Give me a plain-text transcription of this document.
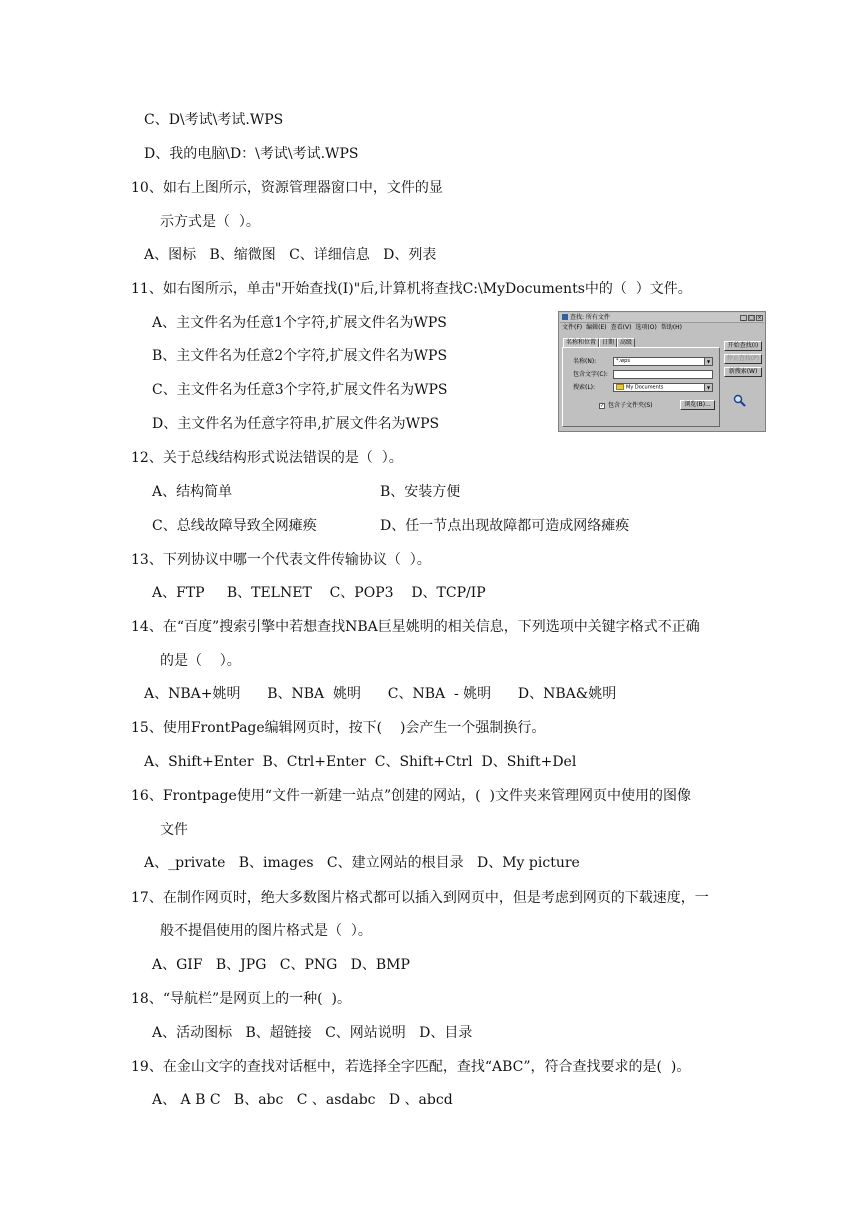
C、D\考试\考试.WPS
D、我的电脑\D：\考试\考试.WPS
10、如右上图所示，资源管理器窗口中，文件的显
示方式是（  ）。
A、图标   B、缩微图   C、详细信息   D、列表
11、如右图所示，单击"开始查找(I)"后,计算机将查找C:\MyDocuments中的（  ）文件。
A、主文件名为任意1个字符,扩展文件名为WPS
B、主文件名为任意2个字符,扩展文件名为WPS
C、主文件名为任意3个字符,扩展文件名为WPS
D、主文件名为任意字符串,扩展文件名为WPS
12、关于总线结构形式说法错误的是（  ）。
A、结构简单	B、安装方便
C、总线故障导致全网瘫痪	D、任一节点出现故障都可造成网络瘫痪
13、下列协议中哪一个代表文件传输协议（  ）。
A、FTP     B、TELNET    C、POP3    D、TCP/IP
14、在“百度”搜索引擎中若想查找NBA巨星姚明的相关信息，下列选项中关键字格式不正确
的是（    ）。
A、NBA+姚明      B、NBA  姚明      C、NBA  - 姚明      D、NBA&姚明
15、使用FrontPage编辑网页时，按下(    )会产生一个强制换行。
A、Shift+Enter  B、Ctrl+Enter  C、Shift+Ctrl  D、Shift+Del
16、Frontpage使用“文件一新建一站点”创建的网站，(  )文件夹来管理网页中使用的图像
文件
A、_private   B、images   C、建立网站的根目录   D、My picture
17、在制作网页时，绝大多数图片格式都可以插入到网页中，但是考虑到网页的下载速度，一
般不提倡使用的图片格式是（  ）。
A、GIF   B、JPG   C、PNG   D、BMP
18、“导航栏”是网页上的一种(  )。
A、活动图标   B、超链接   C、网站说明   D、目录
19、在金山文字的查找对话框中，若选择全字匹配，查找“ABC”，符合查找要求的是(  )。
A、 A B C   B、abc   C 、asdabc   D 、abcd
查找: 所有文件	_ □ ×
文件(F) 编辑(E) 查看(V) 选项(O) 帮助(H)
名称和位置 日期 高级
名称(N):	*.wps	▼
包含文字(C):
搜索(L):	My Documents	▼
✓ 包含子文件夹(S)	浏览(B)...
开始查找(I)
停止查找(P)
新搜索(W)
